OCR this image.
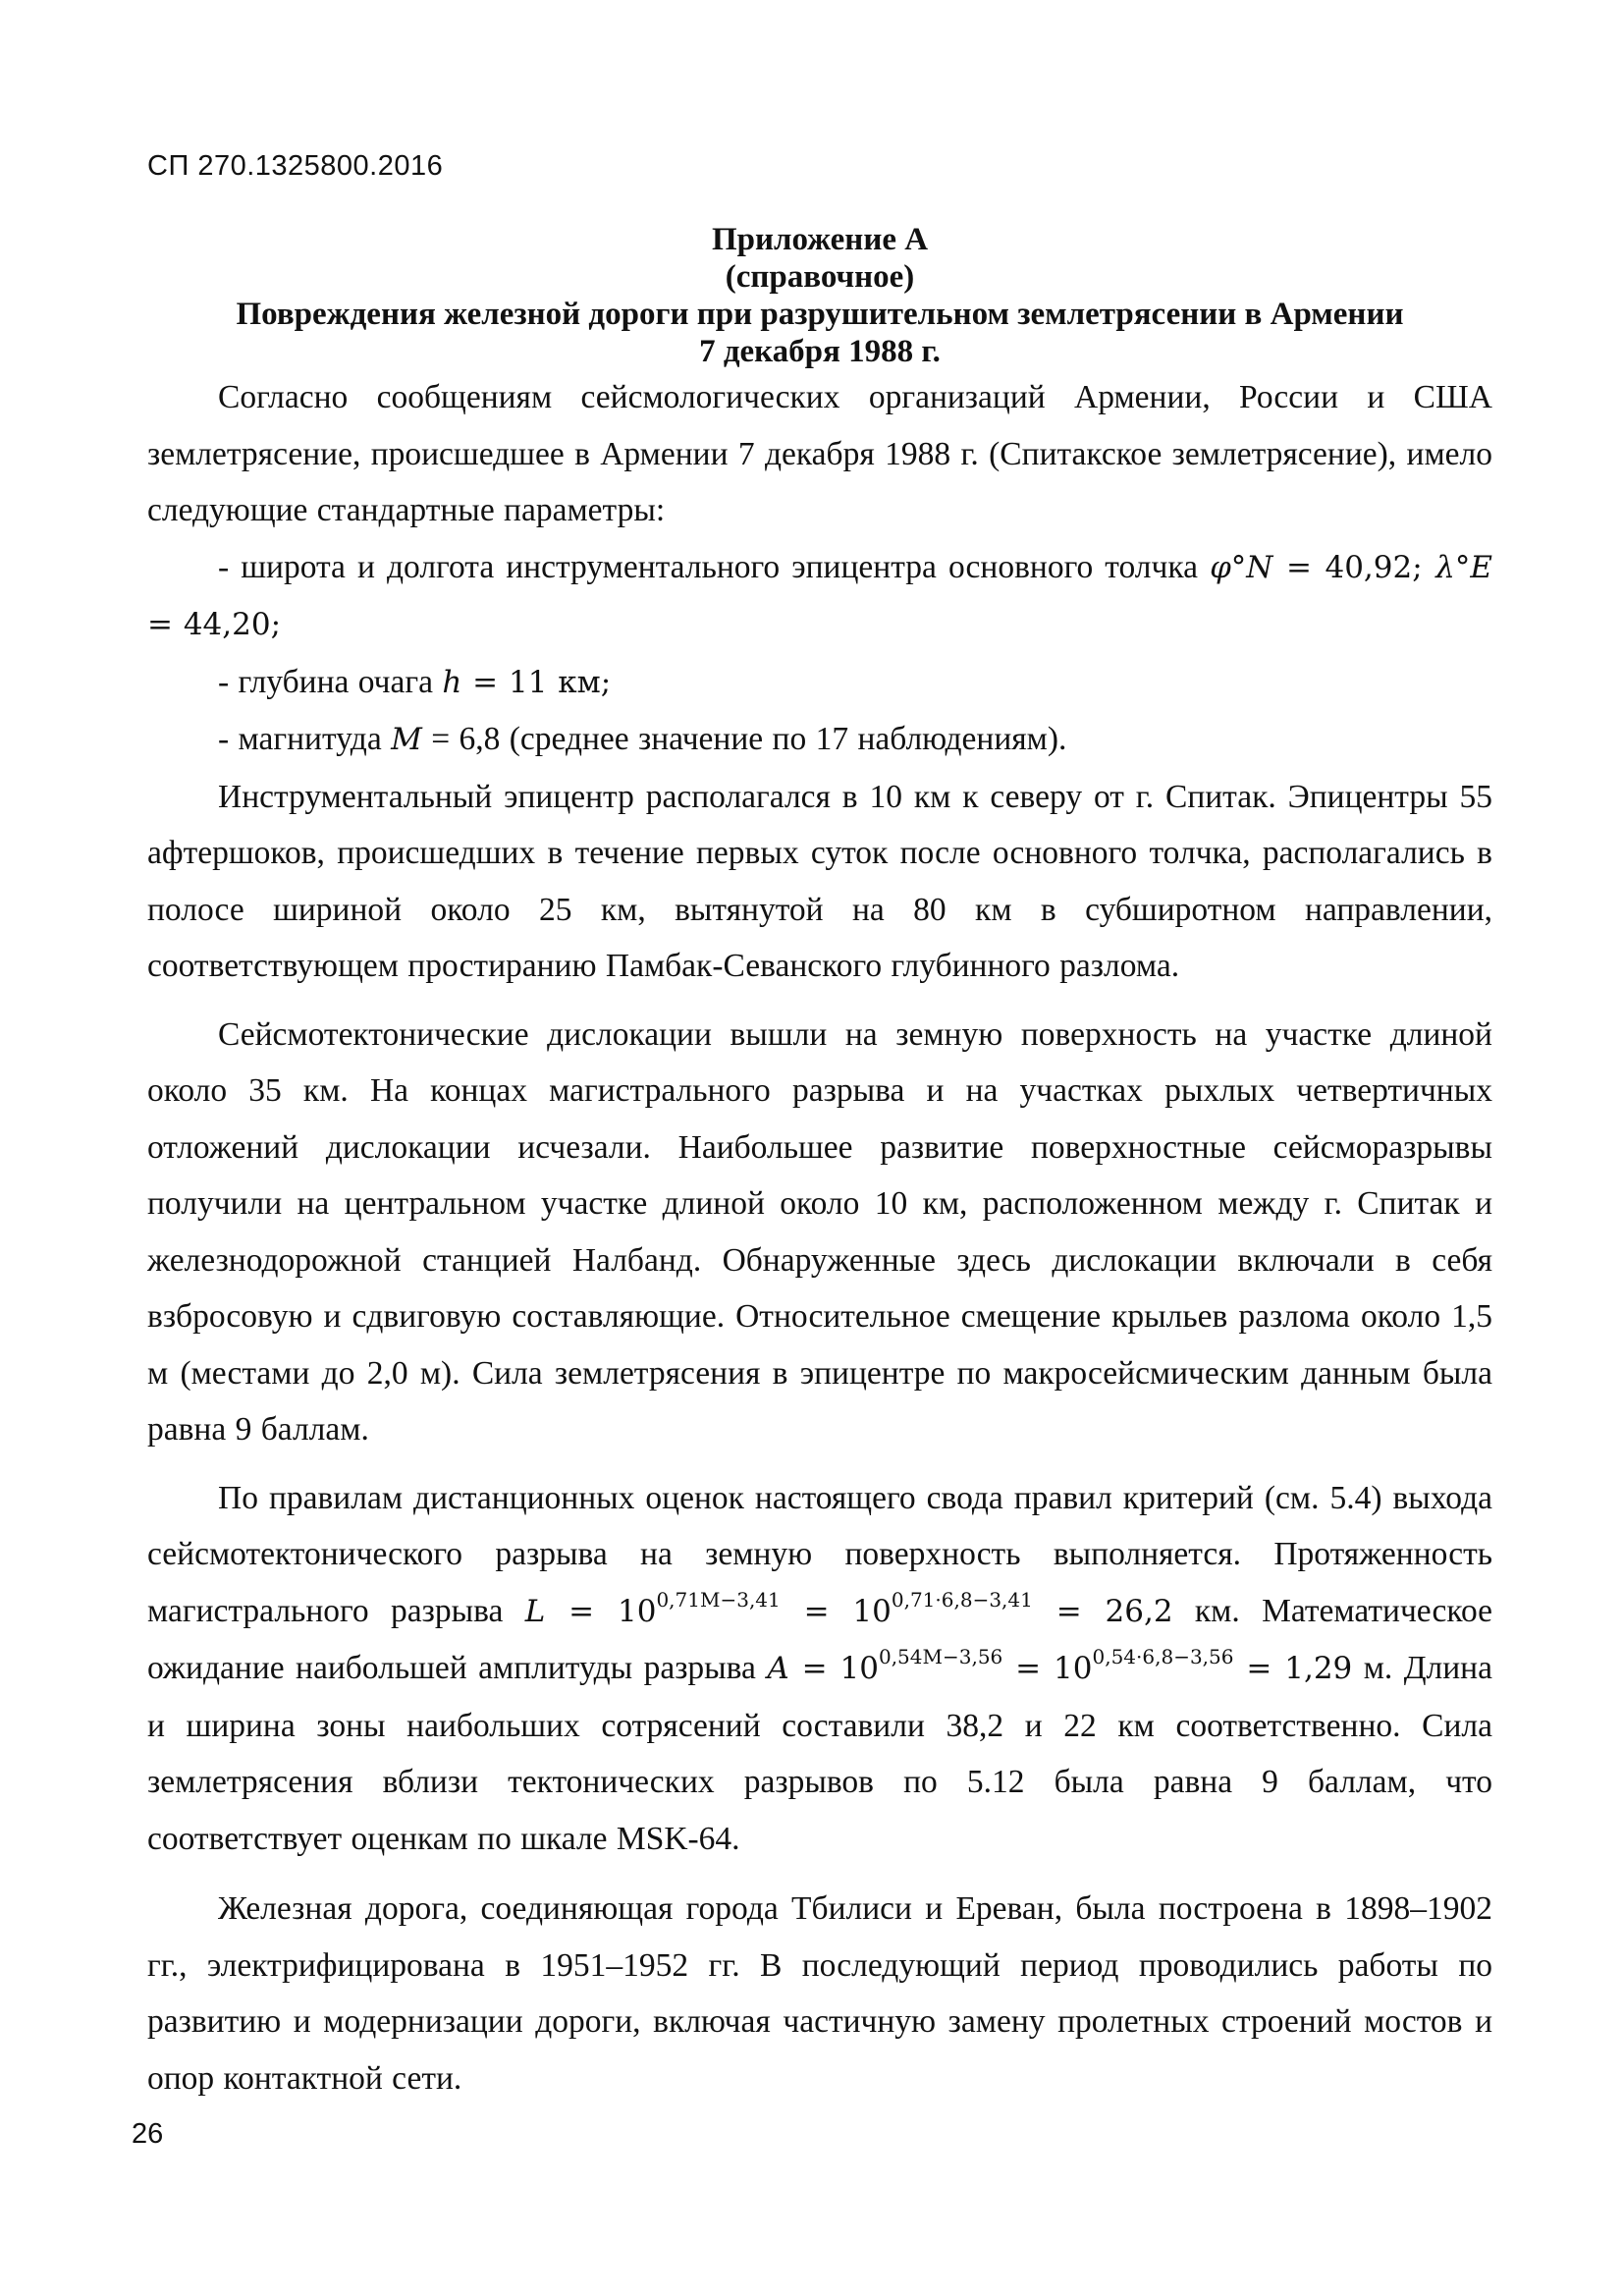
СП 270.1325800.2016
Приложение А
(справочное)
Повреждения железной дороги при разрушительном землетрясении в Армении
7 декабря 1988 г.

Согласно сообщениям сейсмологических организаций Армении, России и США землетрясение, происшедшее в Армении 7 декабря 1988 г. (Спитакское землетрясение), имело следующие стандартные параметры:

- широта и долгота инструментального эпицентра основного толчка φ°N = 40,92; λ°E = 44,20;

- глубина очага h = 11 км;

- магнитуда M = 6,8 (среднее значение по 17 наблюдениям).

Инструментальный эпицентр располагался в 10 км к северу от г. Спитак. Эпицентры 55 афтершоков, происшедших в течение первых суток после основного толчка, располагались в полосе шириной около 25 км, вытянутой на 80 км в субширотном направлении, соответствующем простиранию Памбак-Севанского глубинного разлома.

Сейсмотектонические дислокации вышли на земную поверхность на участке длиной около 35 км. На концах магистрального разрыва и на участках рыхлых четвертичных отложений дислокации исчезали. Наибольшее развитие поверхностные сейсморазрывы получили на центральном участке длиной около 10 км, расположенном между г. Спитак и железнодорожной станцией Налбанд. Обнаруженные здесь дислокации включали в себя взбросовую и сдвиговую составляющие. Относительное смещение крыльев разлома около 1,5 м (местами до 2,0 м). Сила землетрясения в эпицентре по макросейсмическим данным была равна 9 баллам.

По правилам дистанционных оценок настоящего свода правил критерий (см. 5.4) выхода сейсмотектонического разрыва на земную поверхность выполняется. Протяженность магистрального разрыва $L = 10^{0,71M-3,41} = 10^{0,71\cdot 6,8-3,41} = 26,2$ км. Математическое ожидание наибольшей амплитуды разрыва $A = 10^{0,54M-3,56} = 10^{0,54\cdot 6,8-3,56} = 1,29$ м. Длина и ширина зоны наибольших сотрясений составили 38,2 и 22 км соответственно. Сила землетрясения вблизи тектонических разрывов по 5.12 была равна 9 баллам, что соответствует оценкам по шкале MSK-64.

Железная дорога, соединяющая города Тбилиси и Ереван, была построена в 1898–1902 гг., электрифицирована в 1951–1952 гг. В последующий период проводились работы по развитию и модернизации дороги, включая частичную замену пролетных строений мостов и опор контактной сети.

26
